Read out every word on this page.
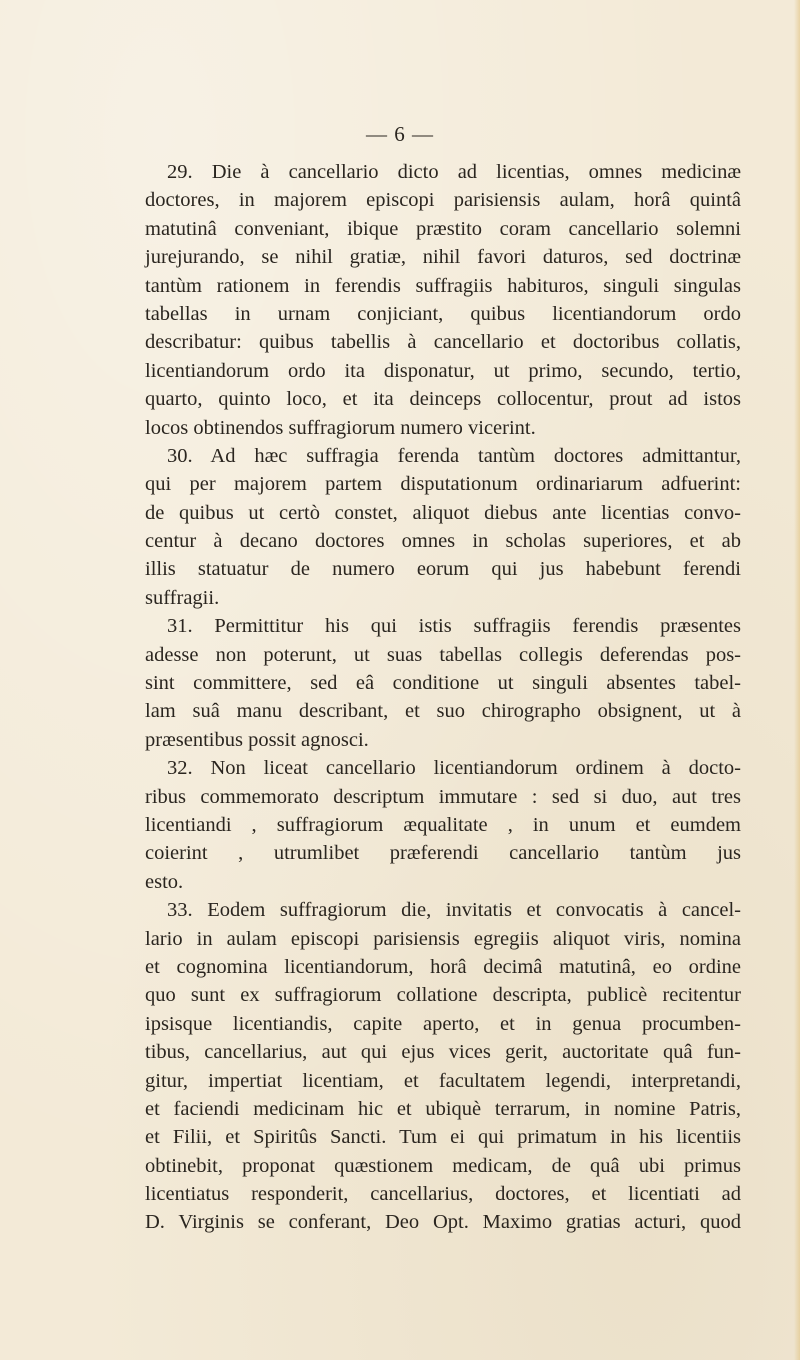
— 6 —
29. Die à cancellario dicto ad licentias, omnes medicinæ
doctores, in majorem episcopi parisiensis aulam, horâ quintâ
matutinâ conveniant, ibique præstito coram cancellario solemni
jurejurando, se nihil gratiæ, nihil favori daturos, sed doctrinæ
tantùm rationem in ferendis suffragiis habituros, singuli singulas
tabellas in urnam conjiciant, quibus licentiandorum ordo
describatur: quibus tabellis à cancellario et doctoribus collatis,
licentiandorum ordo ita disponatur, ut primo, secundo, tertio,
quarto, quinto loco, et ita deinceps collocentur, prout ad istos
locos obtinendos suffragiorum numero vicerint.
30. Ad hæc suffragia ferenda tantùm doctores admittantur,
qui per majorem partem disputationum ordinariarum adfuerint:
de quibus ut certò constet, aliquot diebus ante licentias convo-
centur à decano doctores omnes in scholas superiores, et ab
illis statuatur de numero eorum qui jus habebunt ferendi
suffragii.
31. Permittitur his qui istis suffragiis ferendis præsentes
adesse non poterunt, ut suas tabellas collegis deferendas pos-
sint committere, sed eâ conditione ut singuli absentes tabel-
lam suâ manu describant, et suo chirographo obsignent, ut à
præsentibus possit agnosci.
32. Non liceat cancellario licentiandorum ordinem à docto-
ribus commemorato descriptum immutare : sed si duo, aut tres
licentiandi , suffragiorum æqualitate , in unum et eumdem
coierint , utrumlibet præferendi cancellario tantùm jus
esto.
33. Eodem suffragiorum die, invitatis et convocatis à cancel-
lario in aulam episcopi parisiensis egregiis aliquot viris, nomina
et cognomina licentiandorum, horâ decimâ matutinâ, eo ordine
quo sunt ex suffragiorum collatione descripta, publicè recitentur
ipsisque licentiandis, capite aperto, et in genua procumben-
tibus, cancellarius, aut qui ejus vices gerit, auctoritate quâ fun-
gitur, impertiat licentiam, et facultatem legendi, interpretandi,
et faciendi medicinam hic et ubiquè terrarum, in nomine Patris,
et Filii, et Spiritûs Sancti. Tum ei qui primatum in his licentiis
obtinebit, proponat quæstionem medicam, de quâ ubi primus
licentiatus responderit, cancellarius, doctores, et licentiati ad
D. Virginis se conferant, Deo Opt. Maximo gratias acturi, quod
